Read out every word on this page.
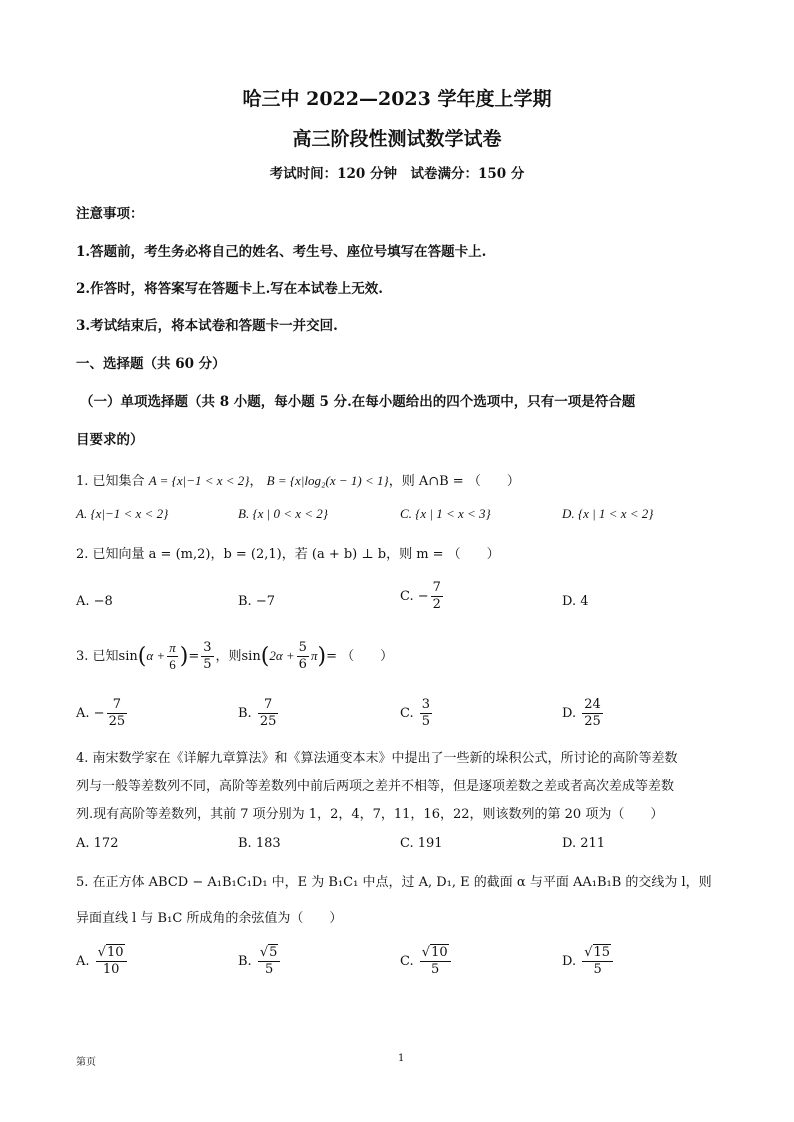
哈三中 2022—2023 学年度上学期
高三阶段性测试数学试卷
考试时间：120 分钟　试卷满分：150 分
注意事项：
1.答题前，考生务必将自己的姓名、考生号、座位号填写在答题卡上.
2.作答时，将答案写在答题卡上.写在本试卷上无效.
3.考试结束后，将本试卷和答题卡一并交回.
一、选择题（共 60 分）
（一）单项选择题（共 8 小题，每小题 5 分.在每小题给出的四个选项中，只有一项是符合题
目要求的）
1. 已知集合 A = {x|−1 < x < 2}， B = {x|log₂(x − 1) < 1}，则 A∩B = （　　）
A. {x|−1 < x < 2}	B. {x | 0 < x < 2}	C. {x | 1 < x < 3}	D. {x | 1 < x < 2}
2. 已知向量 a = (m,2)，b = (2,1)，若 (a + b) ⊥ b，则 m = （　　）
A. −8	B. −7	C. − $\frac{7}{2}$	D. 4
3. 已知$\sin(\alpha + \frac{\pi}{6}$ )= $\frac{3}{5}$ ，则$\sin(2\alpha + \frac{5}{6} \pi)=$ （　　）
A. − $\frac{7}{25}$	B. $\frac{7}{25}$	C. $\frac{3}{5}$	D. $\frac{24}{25}$
4. 南宋数学家在《详解九章算法》和《算法通变本末》中提出了一些新的垛积公式，所讨论的高阶等差数
列与一般等差数列不同，高阶等差数列中前后两项之差并不相等，但是逐项差数之差或者高次差成等差数
列.现有高阶等差数列，其前 7 项分别为 1，2，4，7，11，16，22，则该数列的第 20 项为（　　）
A. 172	B. 183	C. 191	D. 211
5. 在正方体 ABCD − A₁B₁C₁D₁ 中，E 为 B₁C₁ 中点，过 A, D₁, E 的截面 α 与平面 AA₁B₁B 的交线为 l，则
异面直线 l 与 B₁C 所成角的余弦值为（　　）
A. $\frac{√10}{10}$	B. $\frac{√5}{5}$	C. $\frac{√10}{5}$	D. $\frac{√15}{5}$
第页	1
